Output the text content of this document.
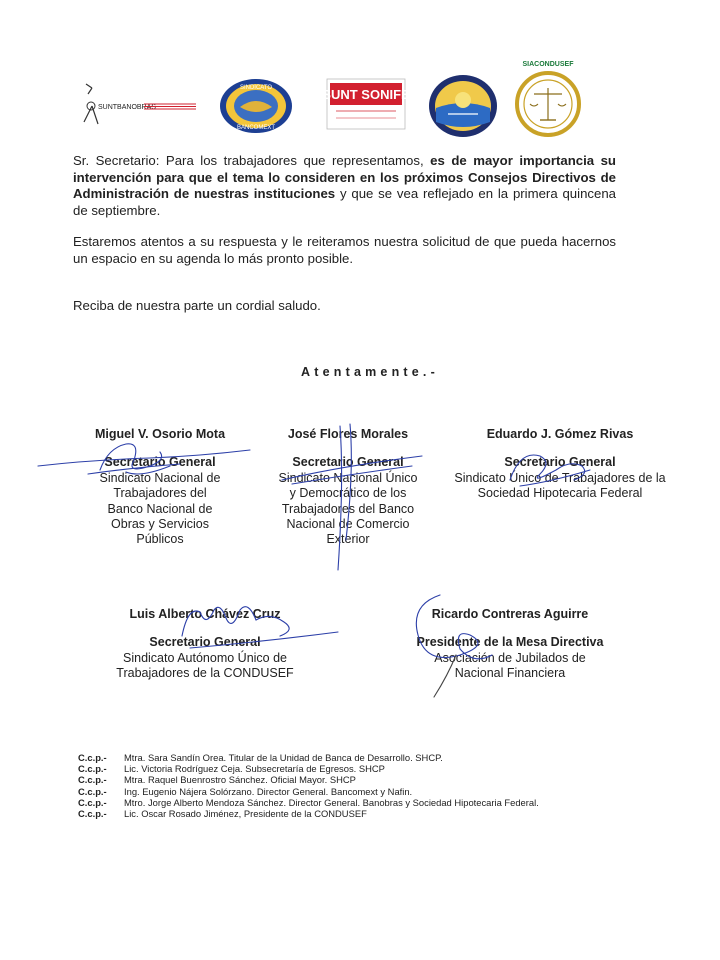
SUNTBANOBRAS
SINDICATO
BANCOMEXT
SUNT SONIFE
SIACONDUSEF
Sr. Secretario: Para los trabajadores que representamos, es de mayor importancia su intervención para que el tema lo consideren en los próximos Consejos Directivos de Administración de nuestras instituciones y que se vea reflejado en la primera quincena de septiembre.
Estaremos atentos a su respuesta y le reiteramos nuestra solicitud de que pueda hacernos un espacio en su agenda lo más pronto posible.
Reciba de nuestra parte un cordial saludo.
Atentamente.-
Miguel V. Osorio Mota
Secretario General
Sindicato Nacional de
Trabajadores del
Banco Nacional de
Obras y Servicios
Públicos
José Flores Morales
Secretario General
Sindicato Nacional Único
y Democrático de los
Trabajadores del Banco
Nacional de Comercio
Exterior
Eduardo J. Gómez Rivas
Secretario General
Sindicato Único de Trabajadores de la
Sociedad Hipotecaria Federal
Luis Alberto Chávez Cruz
Secretario General
Sindicato Autónomo Único de
Trabajadores de la CONDUSEF
Ricardo Contreras Aguirre
Presidente de la Mesa Directiva
Asociación de Jubilados de
Nacional Financiera
C.c.p.-	Mtra. Sara Sandín Orea. Titular de la Unidad de Banca de Desarrollo. SHCP.
C.c.p.-	Lic. Victoria Rodríguez Ceja. Subsecretaría de Egresos. SHCP
C.c.p.-	Mtra. Raquel Buenrostro Sánchez. Oficial Mayor. SHCP
C.c.p.-	Ing. Eugenio Nájera Solórzano. Director General. Bancomext y Nafin.
C.c.p.-	Mtro. Jorge Alberto Mendoza Sánchez. Director General. Banobras y Sociedad Hipotecaria Federal.
C.c.p.-	Lic. Oscar Rosado Jiménez, Presidente de la CONDUSEF
